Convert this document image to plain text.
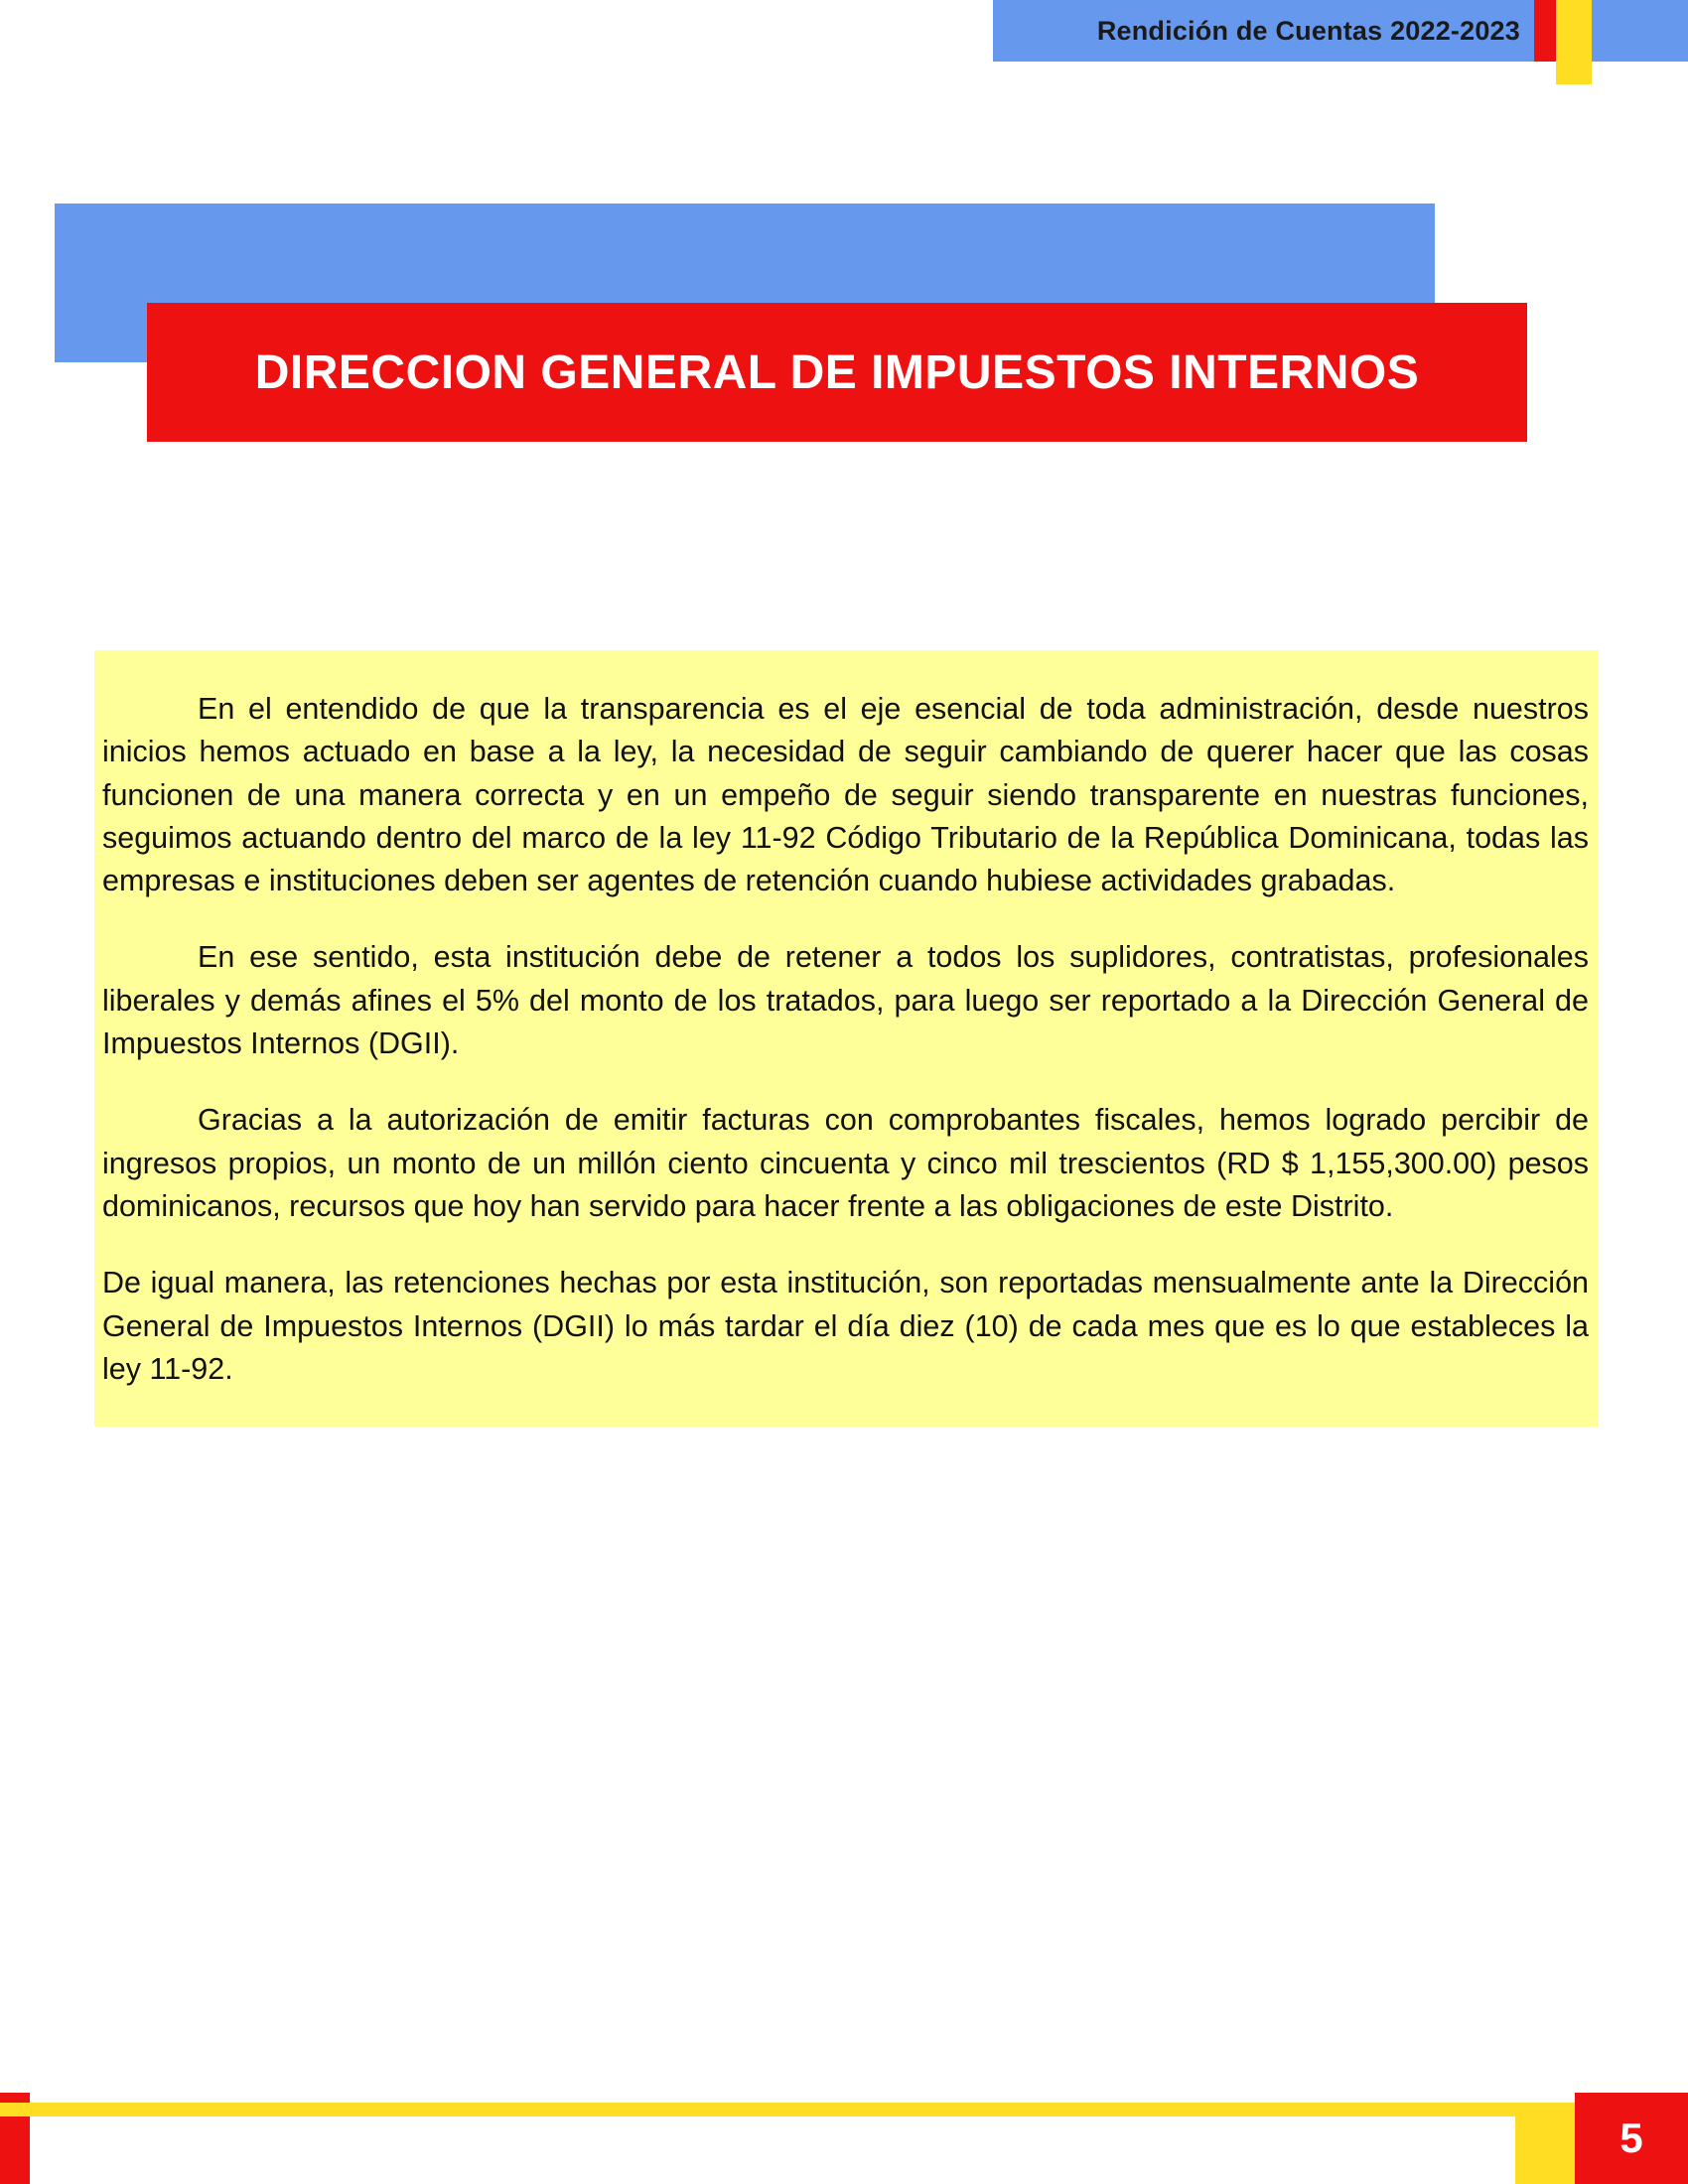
Rendición de Cuentas 2022-2023
DIRECCION GENERAL DE IMPUESTOS INTERNOS

En el entendido de que la transparencia es el eje esencial de toda administración, desde nuestros inicios hemos actuado en base a la ley, la necesidad de seguir cambiando de querer hacer que las cosas funcionen de una manera correcta y en un empeño de seguir siendo transparente en nuestras funciones, seguimos actuando dentro del marco de la ley 11-92 Código Tributario de la República Dominicana, todas las empresas e instituciones deben ser agentes de retención cuando hubiese actividades grabadas.

En ese sentido, esta institución debe de retener a todos los suplidores, contratistas, profesionales liberales y demás afines el 5% del monto de los tratados, para luego ser reportado a la Dirección General de Impuestos Internos (DGII).

Gracias a la autorización de emitir facturas con comprobantes fiscales, hemos logrado percibir de ingresos propios, un monto de un millón ciento cincuenta y cinco mil trescientos (RD $ 1,155,300.00) pesos dominicanos, recursos que hoy han servido para hacer frente a las obligaciones de este Distrito.

De igual manera, las retenciones hechas por esta institución, son reportadas mensualmente ante la Dirección General de Impuestos Internos (DGII) lo más tardar el día diez (10) de cada mes que es lo que estableces la ley 11-92.

5
